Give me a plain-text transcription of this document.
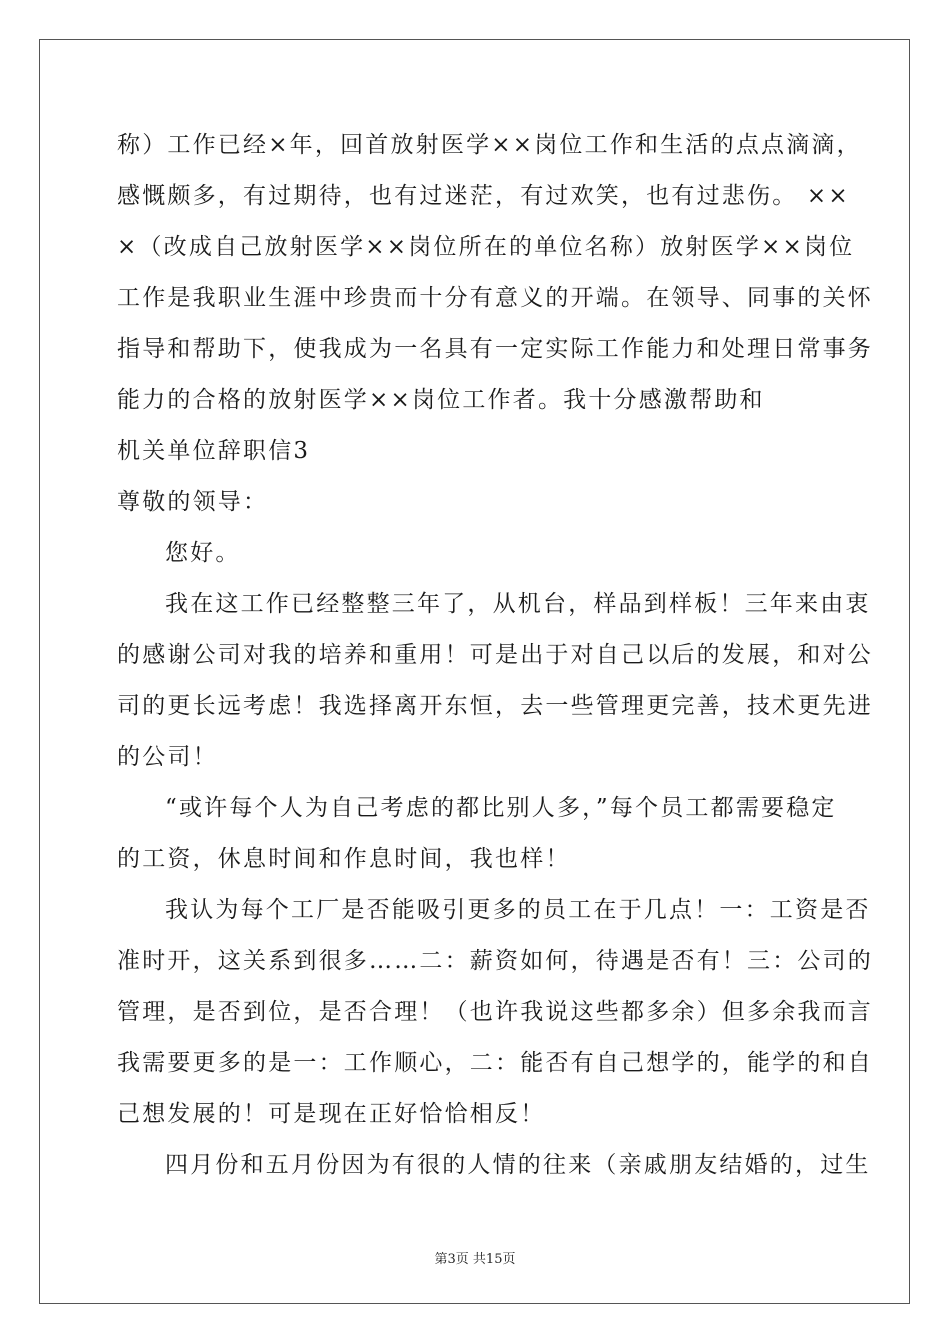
称）工作已经×年，回首放射医学××岗位工作和生活的点点滴滴，
感慨颇多，有过期待，也有过迷茫，有过欢笑，也有过悲伤。 ××
×（改成自己放射医学××岗位所在的单位名称）放射医学××岗位
工作是我职业生涯中珍贵而十分有意义的开端。在领导、同事的关怀
指导和帮助下，使我成为一名具有一定实际工作能力和处理日常事务
能力的合格的放射医学××岗位工作者。我十分感激帮助和
机关单位辞职信3
尊敬的领导：
您好。
我在这工作已经整整三年了，从机台，样品到样板！三年来由衷
的感谢公司对我的培养和重用！可是出于对自己以后的发展，和对公
司的更长远考虑！我选择离开东恒，去一些管理更完善，技术更先进
的公司！
“或许每个人为自己考虑的都比别人多，”每个员工都需要稳定
的工资，休息时间和作息时间，我也样！
我认为每个工厂是否能吸引更多的员工在于几点！一：工资是否
准时开，这关系到很多……二：薪资如何，待遇是否有！三：公司的
管理，是否到位，是否合理！（也许我说这些都多余）但多余我而言
我需要更多的是一：工作顺心，二：能否有自己想学的，能学的和自
己想发展的！可是现在正好恰恰相反！
四月份和五月份因为有很的人情的往来（亲戚朋友结婚的，过生
第3页 共15页
